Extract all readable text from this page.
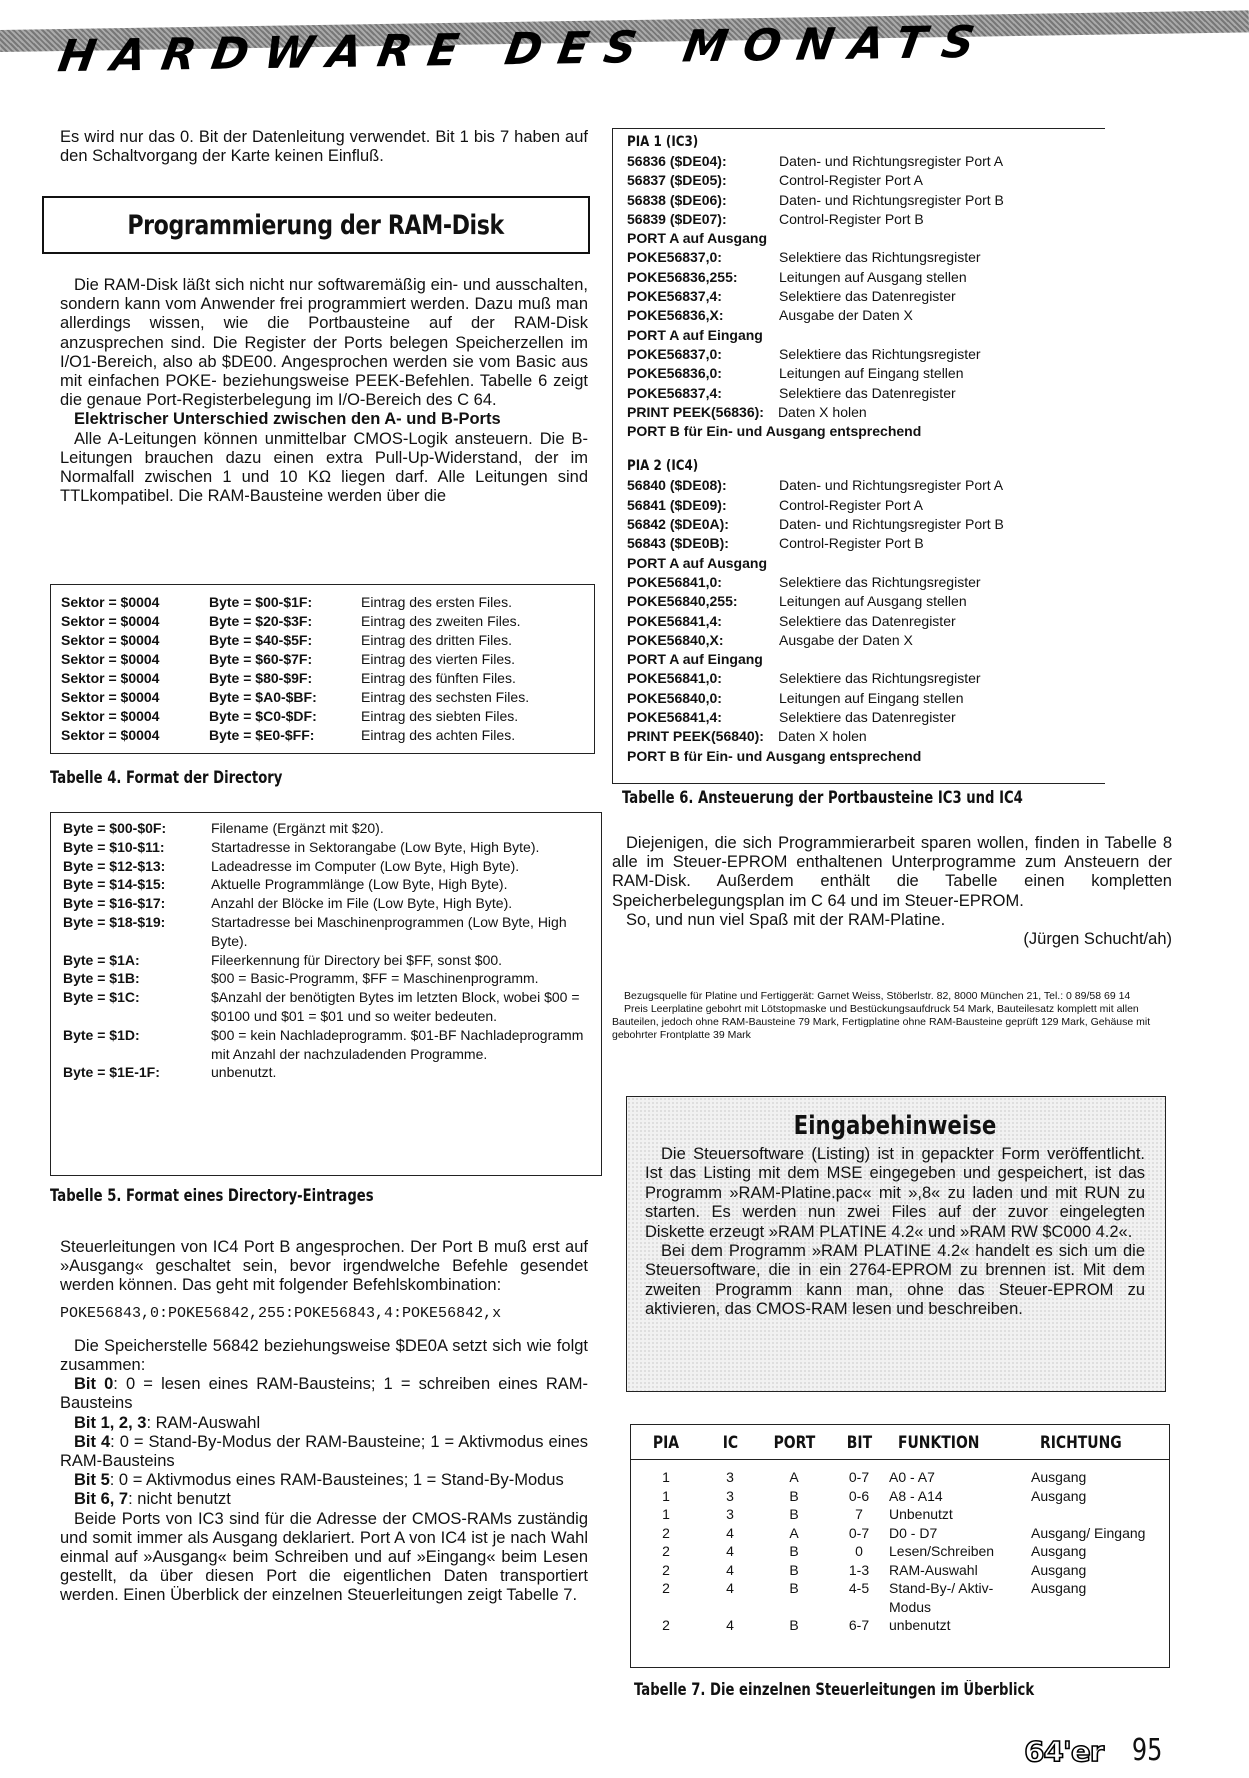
HARDWARE DES MONATS

Es wird nur das 0. Bit der Datenleitung verwendet. Bit 1 bis 7 haben auf den Schaltvorgang der Karte keinen Einfluß.

Programmierung der RAM-Disk

Die RAM-Disk läßt sich nicht nur softwaremäßig ein- und ausschalten, sondern kann vom Anwender frei programmiert werden. Dazu muß man allerdings wissen, wie die Portbausteine auf der RAM-Disk anzusprechen sind. Die Register der Ports belegen Speicherzellen im I/O1-Bereich, also ab $DE00. Angesprochen werden sie vom Basic aus mit einfachen POKE- beziehungsweise PEEK-Befehlen. Tabelle 6 zeigt die genaue Port-Registerbelegung im I/O-Bereich des C 64.

Elektrischer Unterschied zwischen den A- und B-Ports

Alle A-Leitungen können unmittelbar CMOS-Logik ansteuern. Die B-Leitungen brauchen dazu einen extra Pull-Up-Widerstand, der im Normalfall zwischen 1 und 10 KΩ liegen darf. Alle Leitungen sind TTLkompatibel. Die RAM-Bausteine werden über die

Sektor = $0004	Byte = $00-$1F:	Eintrag des ersten Files.
Sektor = $0004	Byte = $20-$3F:	Eintrag des zweiten Files.
Sektor = $0004	Byte = $40-$5F:	Eintrag des dritten Files.
Sektor = $0004	Byte = $60-$7F:	Eintrag des vierten Files.
Sektor = $0004	Byte = $80-$9F:	Eintrag des fünften Files.
Sektor = $0004	Byte = $A0-$BF:	Eintrag des sechsten Files.
Sektor = $0004	Byte = $C0-$DF:	Eintrag des siebten Files.
Sektor = $0004	Byte = $E0-$FF:	Eintrag des achten Files.
Tabelle 4. Format der Directory
Byte = $00-$0F:	Filename (Ergänzt mit $20).
Byte = $10-$11:	Startadresse in Sektorangabe (Low Byte, High Byte).
Byte = $12-$13:	Ladeadresse im Computer (Low Byte, High Byte).
Byte = $14-$15:	Aktuelle Programmlänge (Low Byte, High Byte).
Byte = $16-$17:	Anzahl der Blöcke im File (Low Byte, High Byte).
Byte = $18-$19:	Startadresse bei Maschinenprogrammen (Low Byte, High Byte).
Byte = $1A:	Fileerkennung für Directory bei $FF, sonst $00.
Byte = $1B:	$00 = Basic-Programm, $FF = Maschinenprogramm.
Byte = $1C:	$Anzahl der benötigten Bytes im letzten Block, wobei $00 = $0100 und $01 = $01 und so weiter bedeuten.
Byte = $1D:	$00 = kein Nachladeprogramm. $01-BF Nachladeprogramm mit Anzahl der nachzuladenden Programme.
Byte = $1E-1F:	unbenutzt.
Tabelle 5. Format eines Directory-Eintrages

Steuerleitungen von IC4 Port B angesprochen. Der Port B muß erst auf »Ausgang« geschaltet sein, bevor irgendwelche Befehle gesendet werden können. Das geht mit folgender Befehlskombination:

POKE56843,0:POKE56842,255:POKE56843,4:POKE56842,x

Die Speicherstelle 56842 beziehungsweise $DE0A setzt sich wie folgt zusammen:

Bit 0: 0 = lesen eines RAM-Bausteins; 1 = schreiben eines RAM-Bausteins

Bit 1, 2, 3: RAM-Auswahl

Bit 4: 0 = Stand-By-Modus der RAM-Bausteine; 1 = Aktivmodus eines RAM-Bausteins

Bit 5: 0 = Aktivmodus eines RAM-Bausteines; 1 = Stand-By-Modus

Bit 6, 7: nicht benutzt

Beide Ports von IC3 sind für die Adresse der CMOS-RAMs zuständig und somit immer als Ausgang deklariert. Port A von IC4 ist je nach Wahl einmal auf »Ausgang« beim Schreiben und auf »Eingang« beim Lesen gestellt, da über diesen Port die eigentlichen Daten transportiert werden. Einen Überblick der einzelnen Steuerleitungen zeigt Tabelle 7.

PIA 1 (IC3)
56836 ($DE04):	Daten- und Richtungsregister Port A
56837 ($DE05):	Control-Register Port A
56838 ($DE06):	Daten- und Richtungsregister Port B
56839 ($DE07):	Control-Register Port B
PORT A auf Ausgang
POKE56837,0:	Selektiere das Richtungsregister
POKE56836,255:	Leitungen auf Ausgang stellen
POKE56837,4:	Selektiere das Datenregister
POKE56836,X:	Ausgabe der Daten X
PORT A auf Eingang
POKE56837,0:	Selektiere das Richtungsregister
POKE56836,0:	Leitungen auf Eingang stellen
POKE56837,4:	Selektiere das Datenregister
PRINT PEEK(56836): Daten X holen
PORT B für Ein- und Ausgang entsprechend
PIA 2 (IC4)
56840 ($DE08):	Daten- und Richtungsregister Port A
56841 ($DE09):	Control-Register Port A
56842 ($DE0A):	Daten- und Richtungsregister Port B
56843 ($DE0B):	Control-Register Port B
PORT A auf Ausgang
POKE56841,0:	Selektiere das Richtungsregister
POKE56840,255:	Leitungen auf Ausgang stellen
POKE56841,4:	Selektiere das Datenregister
POKE56840,X:	Ausgabe der Daten X
PORT A auf Eingang
POKE56841,0:	Selektiere das Richtungsregister
POKE56840,0:	Leitungen auf Eingang stellen
POKE56841,4:	Selektiere das Datenregister
PRINT PEEK(56840): Daten X holen
PORT B für Ein- und Ausgang entsprechend
Tabelle 6. Ansteuerung der Portbausteine IC3 und IC4

Diejenigen, die sich Programmierarbeit sparen wollen, finden in Tabelle 8 alle im Steuer-EPROM enthaltenen Unterprogramme zum Ansteuern der RAM-Disk. Außerdem enthält die Tabelle einen kompletten Speicherbelegungsplan im C 64 und im Steuer-EPROM.

So, und nun viel Spaß mit der RAM-Platine.

(Jürgen Schucht/ah)

Bezugsquelle für Platine und Fertiggerät: Garnet Weiss, Stöberlstr. 82, 8000 München 21, Tel.: 0 89/58 69 14

Preis Leerplatine gebohrt mit Lötstopmaske und Bestückungsaufdruck 54 Mark, Bauteilesatz komplett mit allen Bauteilen, jedoch ohne RAM-Bausteine 79 Mark, Fertigplatine ohne RAM-Bausteine geprüft 129 Mark, Gehäuse mit gebohrter Frontplatte 39 Mark

Eingabehinweise

Die Steuersoftware (Listing) ist in gepackter Form veröffentlicht. Ist das Listing mit dem MSE eingegeben und gespeichert, ist das Programm »RAM-Platine.pac« mit »,8« zu laden und mit RUN zu starten. Es werden nun zwei Files auf der zuvor eingelegten Diskette erzeugt »RAM PLATINE 4.2« und »RAM RW $C000 4.2«.

Bei dem Programm »RAM PLATINE 4.2« handelt es sich um die Steuersoftware, die in ein 2764-EPROM zu brennen ist. Mit dem zweiten Programm kann man, ohne das Steuer-EPROM zu aktivieren, das CMOS-RAM lesen und beschreiben.

PIA	IC	PORT	BIT	FUNKTION	RICHTUNG
1	3	A	0-7	A0 - A7	Ausgang
1	3	B	0-6	A8 - A14	Ausgang
1	3	B	7	Unbenutzt	
2	4	A	0-7	D0 - D7	Ausgang/ Eingang
2	4	B	0	Lesen/Schreiben	Ausgang
2	4	B	1-3	RAM-Auswahl	Ausgang
2	4	B	4-5	Stand-By-/ Aktiv-Modus	Ausgang
2	4	B	6-7	unbenutzt	
Tabelle 7. Die einzelnen Steuerleitungen im Überblick
64'er 95
